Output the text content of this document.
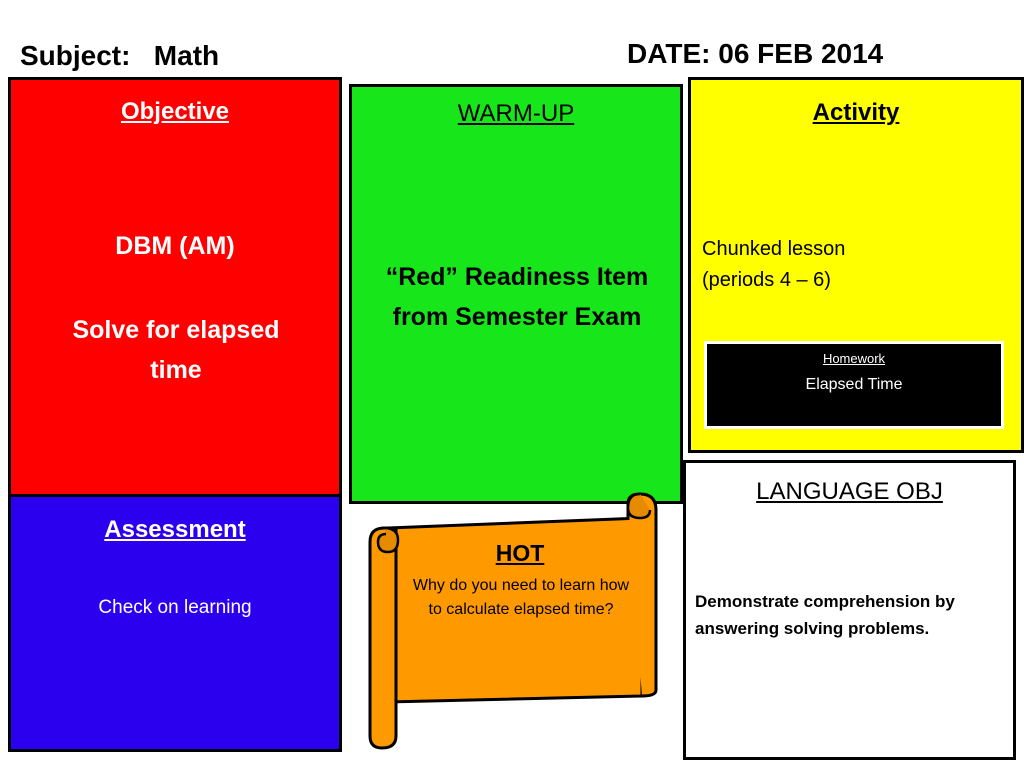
Subject:   Math	DATE: 06 FEB 2014
Objective
DBM (AM)
Solve for elapsed time
WARM-UP
“Red” Readiness Item from Semester Exam
Activity
Chunked lesson
(periods 4 – 6)
Homework
Elapsed Time
Assessment
Check on learning
HOT
Why do you need to learn how to calculate elapsed time?
LANGUAGE OBJ
Demonstrate comprehension by answering solving problems.
